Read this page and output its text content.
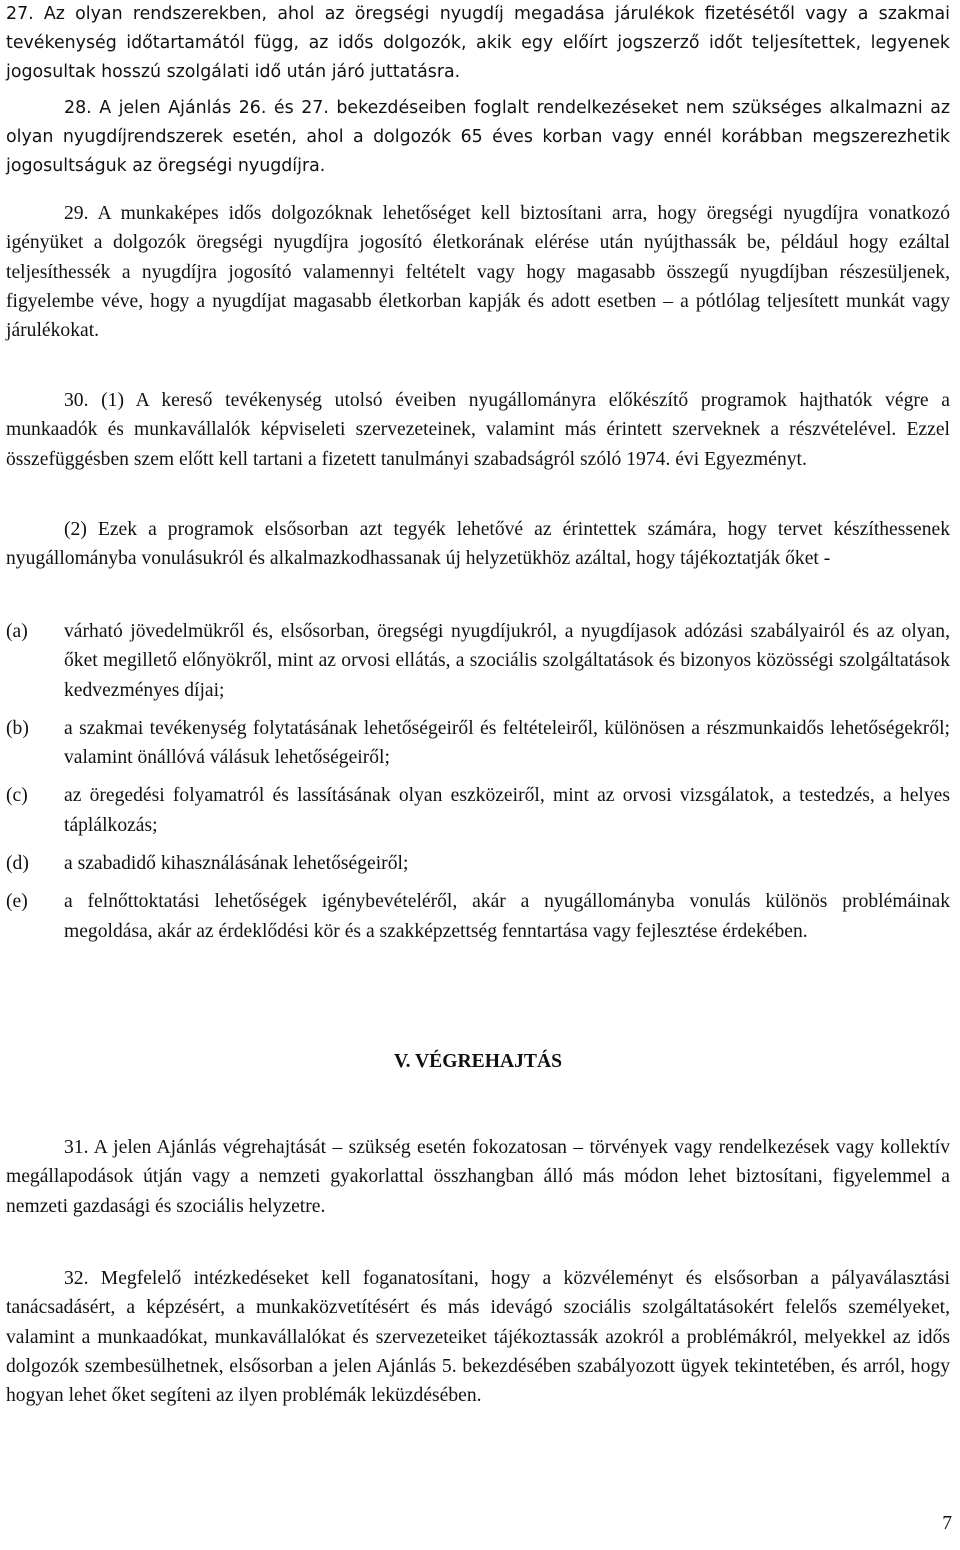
27. Az olyan rendszerekben, ahol az öregségi nyugdíj megadása járulékok fizetésétől vagy a szakmai tevékenység időtartamától függ, az idős dolgozók, akik egy előírt jogszerző időt teljesítettek, legyenek jogosultak hosszú szolgálati idő után járó juttatásra.

28. A jelen Ajánlás 26. és 27. bekezdéseiben foglalt rendelkezéseket nem szükséges alkalmazni az olyan nyugdíjrendszerek esetén, ahol a dolgozók 65 éves korban vagy ennél korábban megszerezhetik jogosultságuk az öregségi nyugdíjra.

29. A munkaképes idős dolgozóknak lehetőséget kell biztosítani arra, hogy öregségi nyugdíjra vonatkozó igényüket a dolgozók öregségi nyugdíjra jogosító életkorának elérése után nyújthassák be, például hogy ezáltal teljesíthessék a nyugdíjra jogosító valamennyi feltételt vagy hogy magasabb összegű nyugdíjban részesüljenek, figyelembe véve, hogy a nyugdíjat magasabb életkorban kapják és adott esetben – a pótlólag teljesített munkát vagy járulékokat.

30. (1) A kereső tevékenység utolsó éveiben nyugállományra előkészítő programok hajthatók végre a munkaadók és munkavállalók képviseleti szervezeteinek, valamint más érintett szerveknek a részvételével. Ezzel összefüggésben szem előtt kell tartani a fizetett tanulmányi szabadságról szóló 1974. évi Egyezményt.

(2) Ezek a programok elsősorban azt tegyék lehetővé az érintettek számára, hogy tervet készíthessenek nyugállományba vonulásukról és alkalmazkodhassanak új helyzetükhöz azáltal, hogy tájékoztatják őket -

(a)	várható jövedelmükről és, elsősorban, öregségi nyugdíjukról, a nyugdíjasok adózási szabályairól és az olyan, őket megillető előnyökről, mint az orvosi ellátás, a szociális szolgáltatások és bizonyos közösségi szolgáltatások kedvezményes díjai;
(b)	a szakmai tevékenység folytatásának lehetőségeiről és feltételeiről, különösen a részmunkaidős lehetőségekről; valamint önállóvá válásuk lehetőségeiről;
(c)	az öregedési folyamatról és lassításának olyan eszközeiről, mint az orvosi vizsgálatok, a testedzés, a helyes táplálkozás;
(d)	a szabadidő kihasználásának lehetőségeiről;
(e)	a felnőttoktatási lehetőségek igénybevételéről, akár a nyugállományba vonulás különös problémáinak megoldása, akár az érdeklődési kör és a szakképzettség fenntartása vagy fejlesztése érdekében.
V. VÉGREHAJTÁS

31. A jelen Ajánlás végrehajtását – szükség esetén fokozatosan – törvények vagy rendelkezések vagy kollektív megállapodások útján vagy a nemzeti gyakorlattal összhangban álló más módon lehet biztosítani, figyelemmel a nemzeti gazdasági és szociális helyzetre.

32. Megfelelő intézkedéseket kell foganatosítani, hogy a közvéleményt és elsősorban a pályaválasztási tanácsadásért, a képzésért, a munkaközvetítésért és más idevágó szociális szolgáltatásokért felelős személyeket, valamint a munkaadókat, munkavállalókat és szervezeteiket tájékoztassák azokról a problémákról, melyekkel az idős dolgozók szembesülhetnek, elsősorban a jelen Ajánlás 5. bekezdésében szabályozott ügyek tekintetében, és arról, hogy hogyan lehet őket segíteni az ilyen problémák leküzdésében.

7
